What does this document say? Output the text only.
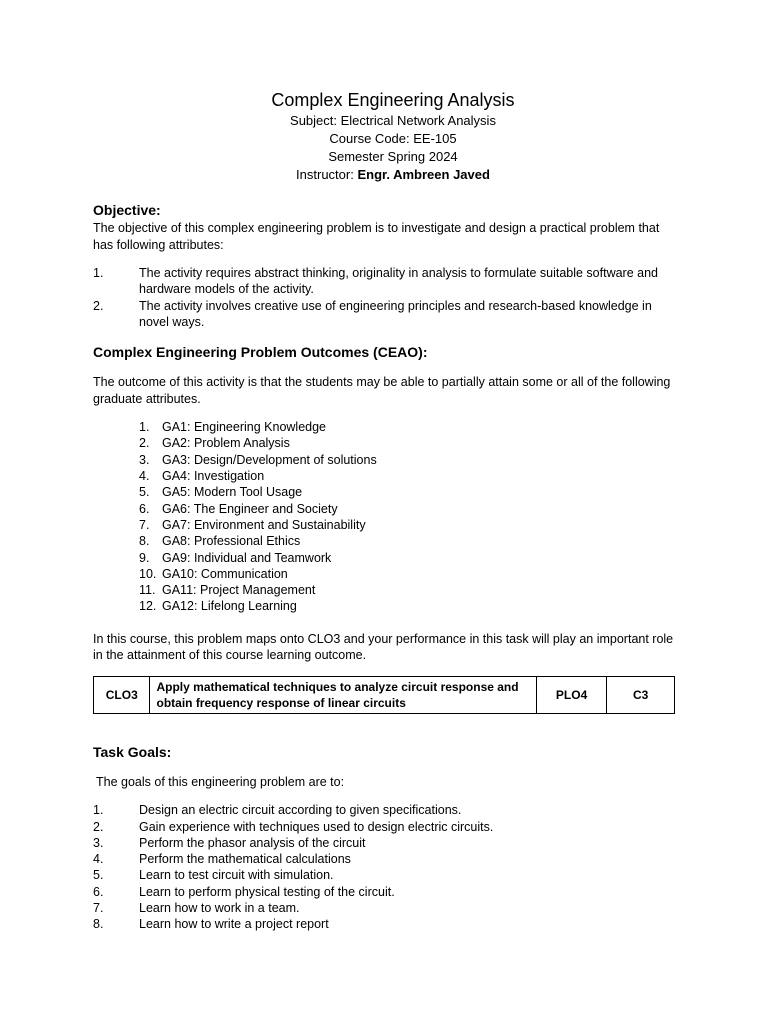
Complex Engineering Analysis
Subject: Electrical Network Analysis
Course Code: EE-105
Semester Spring 2024
Instructor: Engr. Ambreen Javed
Objective:

The objective of this complex engineering problem is to investigate and design a practical problem that has following attributes:

1.	The activity requires abstract thinking, originality in analysis to formulate suitable software and hardware models of the activity.
2.	The activity involves creative use of engineering principles and research-based knowledge in novel ways.
Complex Engineering Problem Outcomes (CEAO):

The outcome of this activity is that the students may be able to partially attain some or all of the following graduate attributes.

1. GA1: Engineering Knowledge
2. GA2: Problem Analysis
3. GA3: Design/Development of solutions
4. GA4: Investigation
5. GA5: Modern Tool Usage
6. GA6: The Engineer and Society
7. GA7: Environment and Sustainability
8. GA8: Professional Ethics
9. GA9: Individual and Teamwork
10. GA10: Communication
11. GA11: Project Management
12. GA12: Lifelong Learning

In this course, this problem maps onto CLO3 and your performance in this task will play an important role in the attainment of this course learning outcome.

CLO3	Apply mathematical techniques to analyze circuit response and obtain frequency response of linear circuits	PLO4	C3
Task Goals:

The goals of this engineering problem are to:

1.	Design an electric circuit according to given specifications.
2.	Gain experience with techniques used to design electric circuits.
3.	Perform the phasor analysis of the circuit
4.	Perform the mathematical calculations
5.	Learn to test circuit with simulation.
6.	Learn to perform physical testing of the circuit.
7.	Learn how to work in a team.
8.	Learn how to write a project report
